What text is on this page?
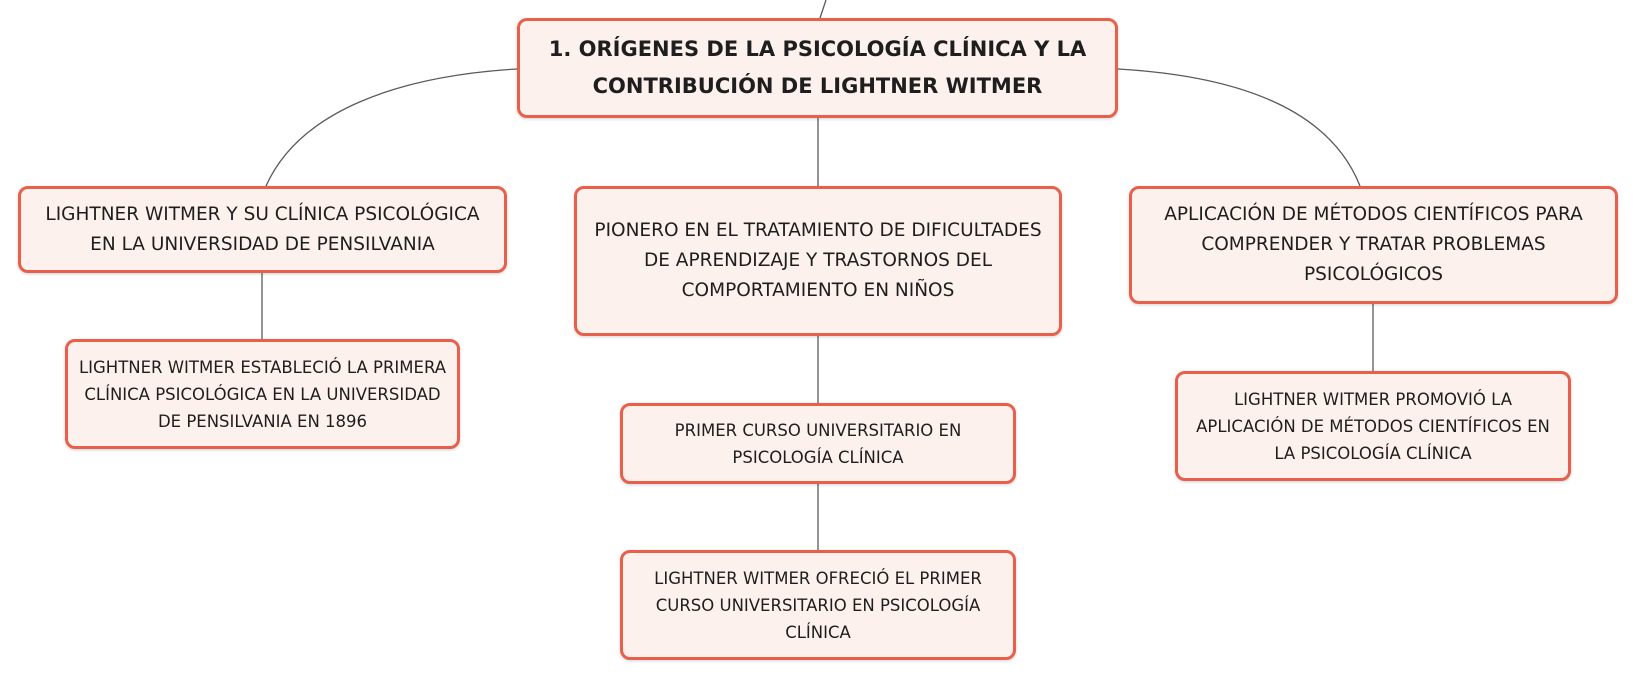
1. ORÍGENES DE LA PSICOLOGÍA CLÍNICA Y LA CONTRIBUCIÓN DE LIGHTNER WITMER
LIGHTNER WITMER Y SU CLÍNICA PSICOLÓGICA EN LA UNIVERSIDAD DE PENSILVANIA
PIONERO EN EL TRATAMIENTO DE DIFICULTADES DE APRENDIZAJE Y TRASTORNOS DEL COMPORTAMIENTO EN NIÑOS
APLICACIÓN DE MÉTODOS CIENTÍFICOS PARA COMPRENDER Y TRATAR PROBLEMAS PSICOLÓGICOS
LIGHTNER WITMER ESTABLECIÓ LA PRIMERA CLÍNICA PSICOLÓGICA EN LA UNIVERSIDAD DE PENSILVANIA EN 1896	PRIMER CURSO UNIVERSITARIO EN PSICOLOGÍA CLÍNICA
LIGHTNER WITMER OFRECIÓ EL PRIMER CURSO UNIVERSITARIO EN PSICOLOGÍA CLÍNICA
LIGHTNER WITMER PROMOVIÓ LA APLICACIÓN DE MÉTODOS CIENTÍFICOS EN LA PSICOLOGÍA CLÍNICA
